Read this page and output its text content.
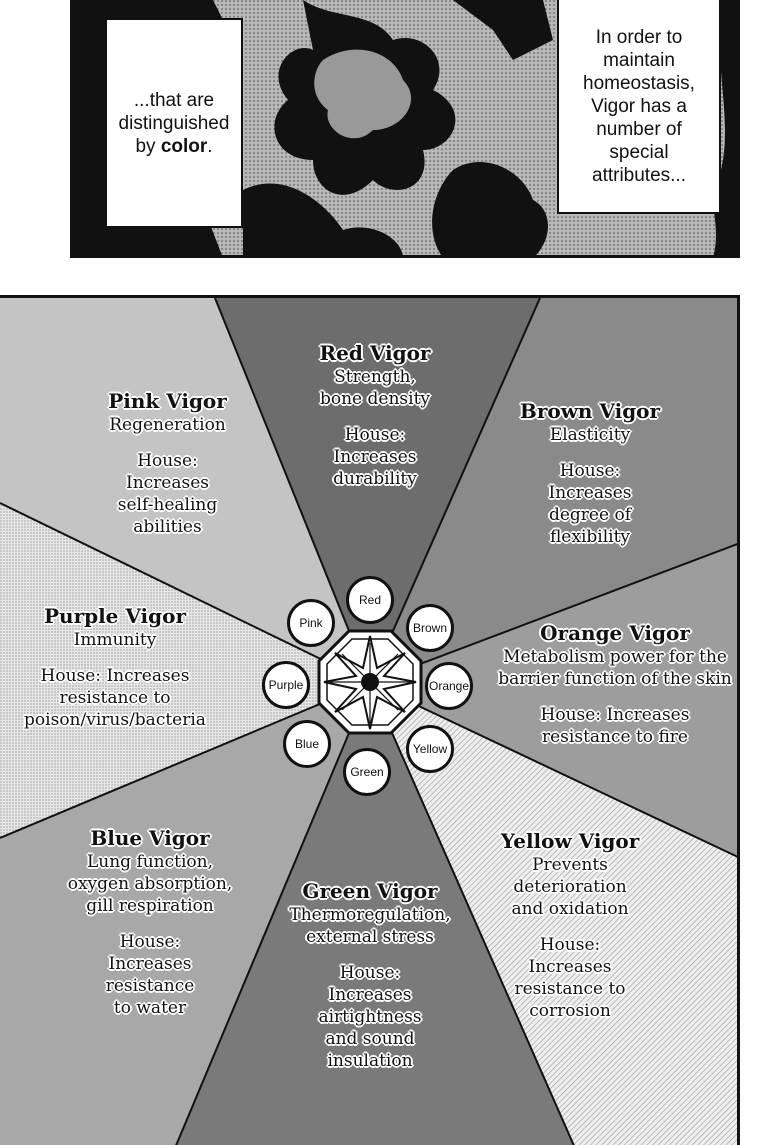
...that are distinguished by color.
In order to maintain homeostasis, Vigor has a number of special attributes...
Red Vigor
Strength,
bone density
House:
Increases
durability
Brown Vigor
Elasticity
House:
Increases
degree of
flexibility
Orange Vigor
Metabolism power for the
barrier function of the skin
House: Increases
resistance to fire
Yellow Vigor
Prevents
deterioration
and oxidation
House:
Increases
resistance to
corrosion
Green Vigor
Thermoregulation,
external stress
House:
Increases
airtightness
and sound
insulation
Blue Vigor
Lung function,
oxygen absorption,
gill respiration
House:
Increases
resistance
to water
Purple Vigor
Immunity
House: Increases
resistance to
poison/virus/bacteria
Pink Vigor
Regeneration
House:
Increases
self-healing
abilities
Red
Brown
Orange
Yellow
Green
Blue
Purple
Pink
